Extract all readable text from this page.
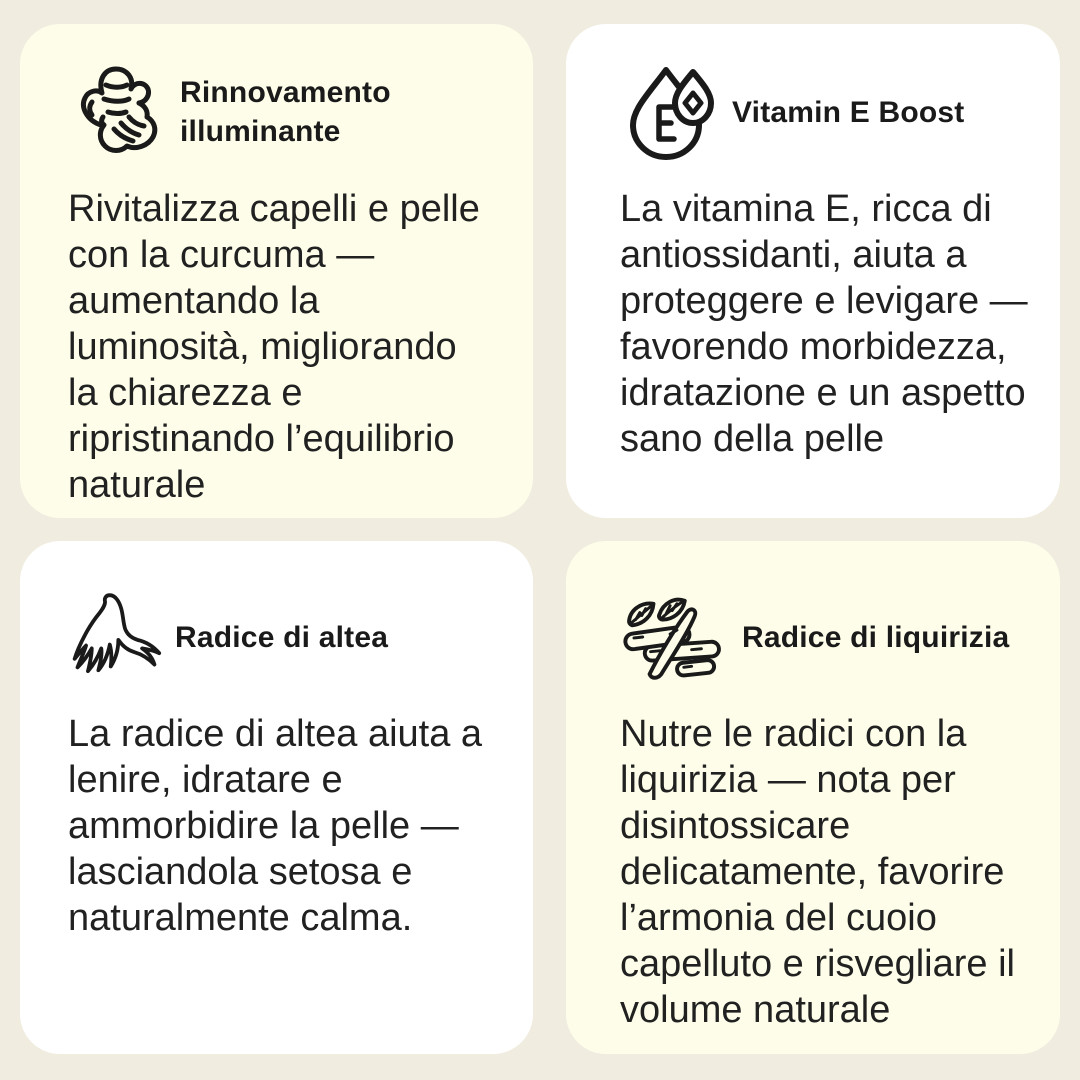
Rinnovamento illuminante

Rivitalizza capelli e pelle con la curcuma — aumentando la luminosità, migliorando la chiarezza e ripristinando l’equilibrio naturale

Vitamin E Boost

La vitamina E, ricca di antiossidanti, aiuta a proteggere e levigare — favorendo morbidezza, idratazione e un aspetto sano della pelle

Radice di altea

La radice di altea aiuta a lenire, idratare e ammorbidire la pelle — lasciandola setosa e naturalmente calma.

Radice di liquirizia

Nutre le radici con la liquirizia — nota per disintossicare delicatamente, favorire l’armonia del cuoio capelluto e risvegliare il volume naturale
